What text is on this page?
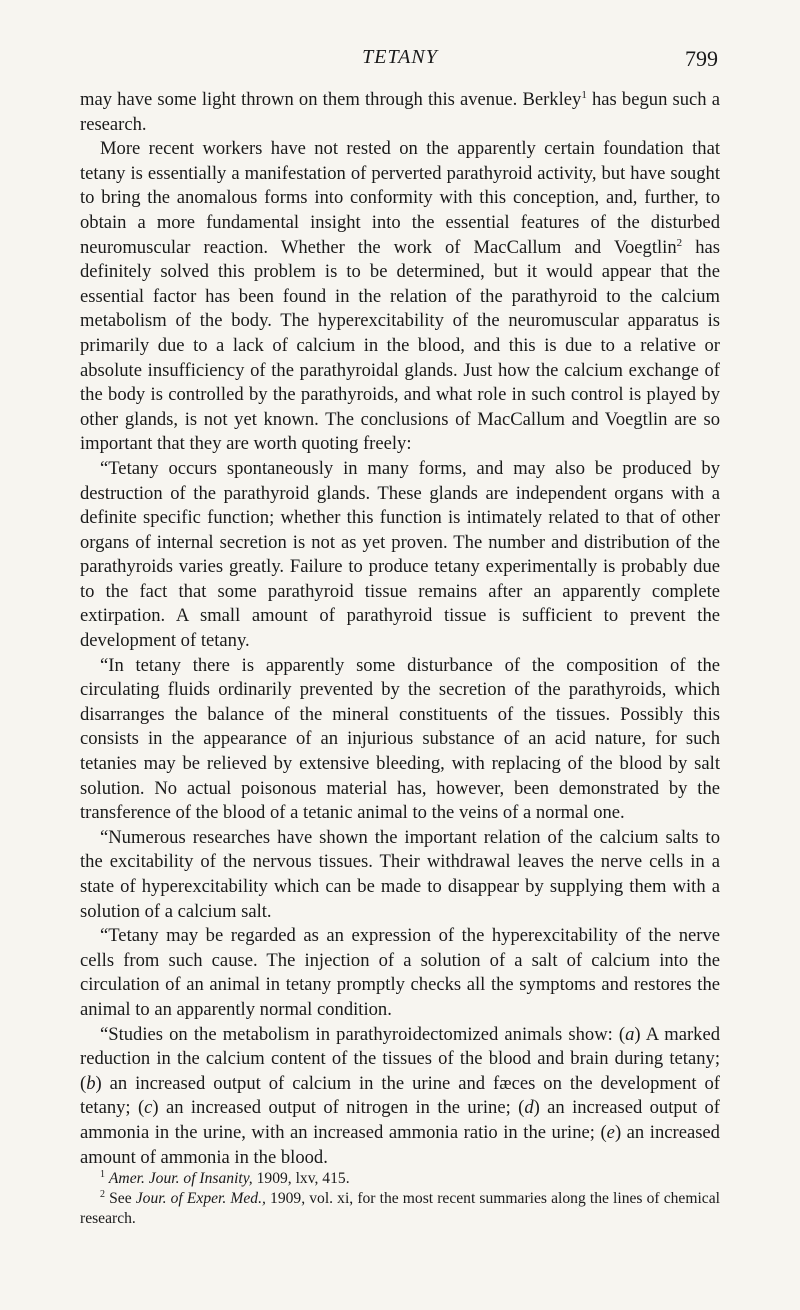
TETANY	799

may have some light thrown on them through this avenue. Berkley$^1$ has begun such a research.

More recent workers have not rested on the apparently certain foundation that tetany is essentially a manifestation of perverted parathyroid activity, but have sought to bring the anomalous forms into conformity with this conception, and, further, to obtain a more fundamental insight into the essential features of the disturbed neuromuscular reaction. Whether the work of MacCallum and Voegtlin$^2$ has definitely solved this problem is to be determined, but it would appear that the essential factor has been found in the relation of the parathyroid to the calcium metabolism of the body. The hyperexcitability of the neuromuscular apparatus is primarily due to a lack of calcium in the blood, and this is due to a relative or absolute insufficiency of the parathyroidal glands. Just how the calcium exchange of the body is controlled by the parathyroids, and what role in such control is played by other glands, is not yet known. The conclusions of MacCallum and Voegtlin are so important that they are worth quoting freely:

“Tetany occurs spontaneously in many forms, and may also be produced by destruction of the parathyroid glands. These glands are independent organs with a definite specific function; whether this function is intimately related to that of other organs of internal secretion is not as yet proven. The number and distribution of the parathyroids varies greatly. Failure to produce tetany experimentally is probably due to the fact that some parathyroid tissue remains after an apparently complete extirpation. A small amount of parathyroid tissue is sufficient to prevent the development of tetany.

“In tetany there is apparently some disturbance of the composition of the circulating fluids ordinarily prevented by the secretion of the parathyroids, which disarranges the balance of the mineral constituents of the tissues. Possibly this consists in the appearance of an injurious substance of an acid nature, for such tetanies may be relieved by extensive bleeding, with replacing of the blood by salt solution. No actual poisonous material has, however, been demonstrated by the transference of the blood of a tetanic animal to the veins of a normal one.

“Numerous researches have shown the important relation of the calcium salts to the excitability of the nervous tissues. Their withdrawal leaves the nerve cells in a state of hyperexcitability which can be made to disappear by supplying them with a solution of a calcium salt.

“Tetany may be regarded as an expression of the hyperexcitability of the nerve cells from such cause. The injection of a solution of a salt of calcium into the circulation of an animal in tetany promptly checks all the symptoms and restores the animal to an apparently normal condition.

“Studies on the metabolism in parathyroidectomized animals show: (a) A marked reduction in the calcium content of the tissues of the blood and brain during tetany; (b) an increased output of calcium in the urine and fæces on the development of tetany; (c) an increased output of nitrogen in the urine; (d) an increased output of ammonia in the urine, with an increased ammonia ratio in the urine; (e) an increased amount of ammonia in the blood.

$^1$ Amer. Jour. of Insanity, 1909, lxv, 415.

$^2$ See Jour. of Exper. Med., 1909, vol. xi, for the most recent summaries along the lines of chemical research.
